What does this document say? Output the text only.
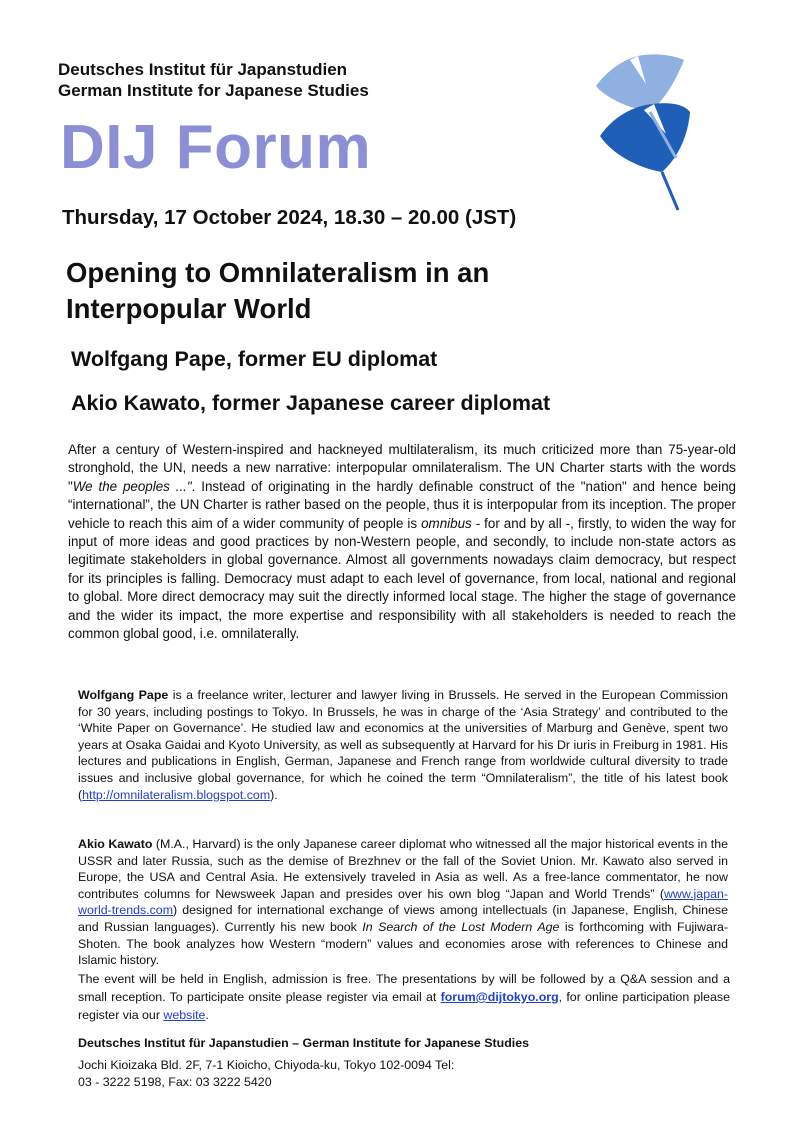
Deutsches Institut für Japanstudien
German Institute for Japanese Studies
DIJ Forum
Thursday, 17 October 2024, 18.30 – 20.00 (JST)
Opening to Omnilateralism in an Interpopular World
Wolfgang Pape, former EU diplomat
Akio Kawato, former Japanese career diplomat
After a century of Western-inspired and hackneyed multilateralism, its much criticized more than 75-year-old stronghold, the UN, needs a new narrative: interpopular omnilateralism. The UN Charter starts with the words "We the peoples ...". Instead of originating in the hardly definable construct of the "nation" and hence being “international”, the UN Charter is rather based on the people, thus it is interpopular from its inception. The proper vehicle to reach this aim of a wider community of people is omnibus - for and by all -, firstly, to widen the way for input of more ideas and good practices by non-Western people, and secondly, to include non-state actors as legitimate stakeholders in global governance. Almost all governments nowadays claim democracy, but respect for its principles is falling. Democracy must adapt to each level of governance, from local, national and regional to global. More direct democracy may suit the directly informed local stage. The higher the stage of governance and the wider its impact, the more expertise and responsibility with all stakeholders is needed to reach the common global good, i.e. omnilaterally.
Wolfgang Pape is a freelance writer, lecturer and lawyer living in Brussels. He served in the European Commission for 30 years, including postings to Tokyo. In Brussels, he was in charge of the ‘Asia Strategy’ and contributed to the ‘White Paper on Governance’. He studied law and economics at the universities of Marburg and Genève, spent two years at Osaka Gaidai and Kyoto University, as well as subsequently at Harvard for his Dr iuris in Freiburg in 1981. His lectures and publications in English, German, Japanese and French range from worldwide cultural diversity to trade issues and inclusive global governance, for which he coined the term “Omnilateralism”, the title of his latest book (http://omnilateralism.blogspot.com).
Akio Kawato (M.A., Harvard) is the only Japanese career diplomat who witnessed all the major historical events in the USSR and later Russia, such as the demise of Brezhnev or the fall of the Soviet Union. Mr. Kawato also served in Europe, the USA and Central Asia. He extensively traveled in Asia as well. As a free-lance commentator, he now contributes columns for Newsweek Japan and presides over his own blog “Japan and World Trends” (www.japan-world-trends.com) designed for international exchange of views among intellectuals (in Japanese, English, Chinese and Russian languages). Currently his new book In Search of the Lost Modern Age is forthcoming with Fujiwara-Shoten. The book analyzes how Western “modern” values and economies arose with references to Chinese and Islamic history.
The event will be held in English, admission is free. The presentations by will be followed by a Q&A session and a small reception. To participate onsite please register via email at forum@dijtokyo.org, for online participation please register via our website.
Deutsches Institut für Japanstudien – German Institute for Japanese Studies
Jochi Kioizaka Bld. 2F, 7-1 Kioicho, Chiyoda-ku, Tokyo 102-0094 Tel:
03 - 3222 5198, Fax: 03 3222 5420
